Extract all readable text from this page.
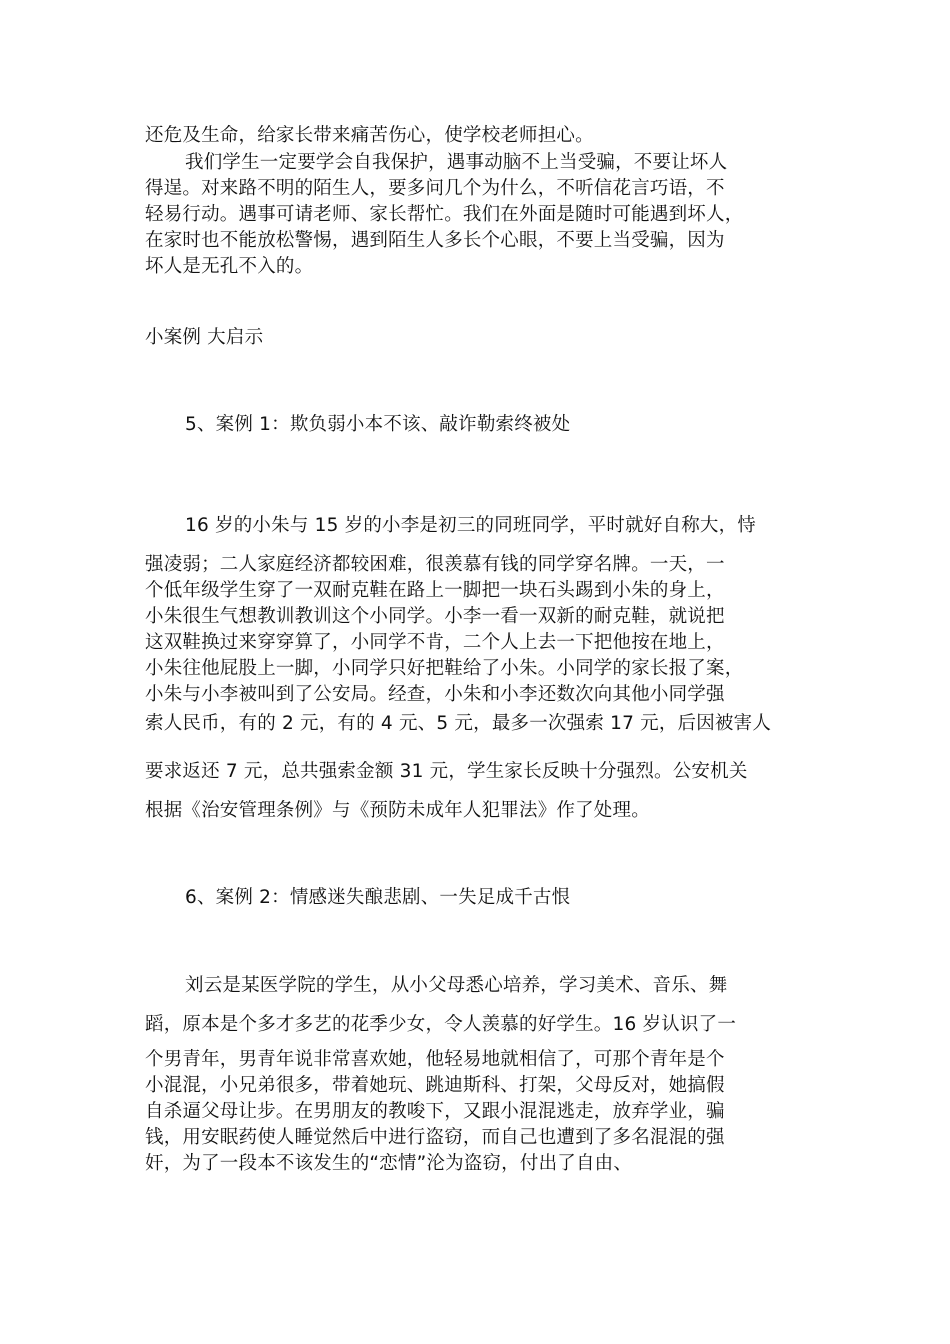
还危及生命，给家长带来痛苦伤心，使学校老师担心。
我们学生一定要学会自我保护，遇事动脑不上当受骗，不要让坏人
得逞。对来路不明的陌生人，要多问几个为什么，不听信花言巧语，不
轻易行动。遇事可请老师、家长帮忙。我们在外面是随时可能遇到坏人，
在家时也不能放松警惕，遇到陌生人多长个心眼，不要上当受骗，因为
坏人是无孔不入的。
小案例 大启示
5、案例 1：欺负弱小本不该、敲诈勒索终被处
16 岁的小朱与 15 岁的小李是初三的同班同学，平时就好自称大，恃
强凌弱；二人家庭经济都较困难，很羡慕有钱的同学穿名牌。一天，一
个低年级学生穿了一双耐克鞋在路上一脚把一块石头踢到小朱的身上，
小朱很生气想教训教训这个小同学。小李一看一双新的耐克鞋，就说把
这双鞋换过来穿穿算了，小同学不肯，二个人上去一下把他按在地上，
小朱往他屁股上一脚，小同学只好把鞋给了小朱。小同学的家长报了案，
小朱与小李被叫到了公安局。经查，小朱和小李还数次向其他小同学强
索人民币，有的 2 元，有的 4 元、5 元，最多一次强索 17 元，后因被害人
要求返还 7 元，总共强索金额 31 元，学生家长反映十分强烈。公安机关
根据《治安管理条例》与《预防未成年人犯罪法》作了处理。
6、案例 2：情感迷失酿悲剧、一失足成千古恨
刘云是某医学院的学生，从小父母悉心培养，学习美术、音乐、舞
蹈，原本是个多才多艺的花季少女，令人羡慕的好学生。16 岁认识了一
个男青年，男青年说非常喜欢她，他轻易地就相信了，可那个青年是个
小混混，小兄弟很多，带着她玩、跳迪斯科、打架，父母反对，她搞假
自杀逼父母让步。在男朋友的教唆下，又跟小混混逃走，放弃学业，骗
钱，用安眠药使人睡觉然后中进行盗窃，而自己也遭到了多名混混的强
奸，为了一段本不该发生的“恋情”沦为盗窃，付出了自由、
